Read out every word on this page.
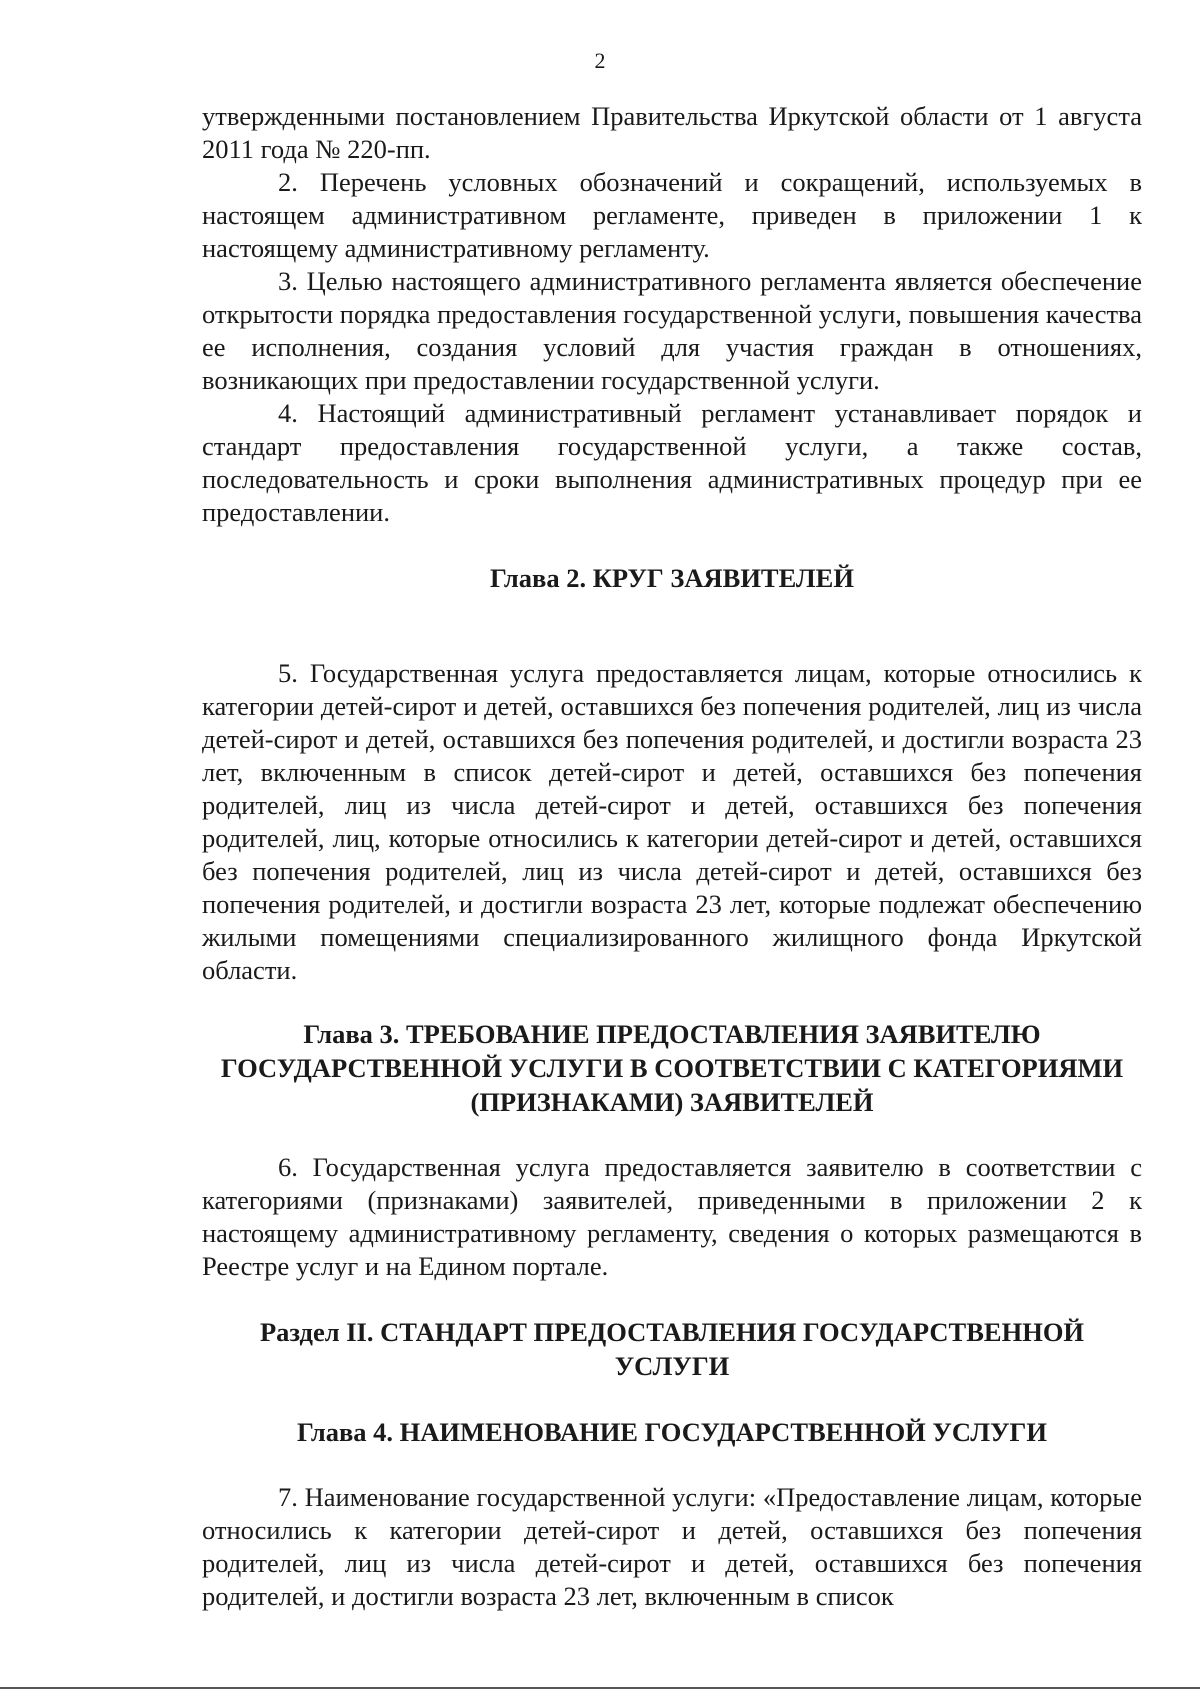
2

утвержденными постановлением Правительства Иркутской области от 1 августа 2011 года № 220-пп.

2. Перечень условных обозначений и сокращений, используемых в настоящем административном регламенте, приведен в приложении 1 к настоящему административному регламенту.

3. Целью настоящего административного регламента является обеспечение открытости порядка предоставления государственной услуги, повышения качества ее исполнения, создания условий для участия граждан в отношениях, возникающих при предоставлении государственной услуги.

4. Настоящий административный регламент устанавливает порядок и стандарт предоставления государственной услуги, а также состав, последовательность и сроки выполнения административных процедур при ее предоставлении.

Глава 2. КРУГ ЗАЯВИТЕЛЕЙ

5. Государственная услуга предоставляется лицам, которые относились к категории детей-сирот и детей, оставшихся без попечения родителей, лиц из числа детей-сирот и детей, оставшихся без попечения родителей, и достигли возраста 23 лет, включенным в список детей-сирот и детей, оставшихся без попечения родителей, лиц из числа детей-сирот и детей, оставшихся без попечения родителей, лиц, которые относились к категории детей-сирот и детей, оставшихся без попечения родителей, лиц из числа детей-сирот и детей, оставшихся без попечения родителей, и достигли возраста 23 лет, которые подлежат обеспечению жилыми помещениями специализированного жилищного фонда Иркутской области.

Глава 3. ТРЕБОВАНИЕ ПРЕДОСТАВЛЕНИЯ ЗАЯВИТЕЛЮ
ГОСУДАРСТВЕННОЙ УСЛУГИ В СООТВЕТСТВИИ С КАТЕГОРИЯМИ
(ПРИЗНАКАМИ) ЗАЯВИТЕЛЕЙ

6. Государственная услуга предоставляется заявителю в соответствии с категориями (признаками) заявителей, приведенными в приложении 2 к настоящему административному регламенту, сведения о которых размещаются в Реестре услуг и на Едином портале.

Раздел II. СТАНДАРТ ПРЕДОСТАВЛЕНИЯ ГОСУДАРСТВЕННОЙ
УСЛУГИ
Глава 4. НАИМЕНОВАНИЕ ГОСУДАРСТВЕННОЙ УСЛУГИ

7. Наименование государственной услуги: «Предоставление лицам, которые относились к категории детей-сирот и детей, оставшихся без попечения родителей, лиц из числа детей-сирот и детей, оставшихся без попечения родителей, и достигли возраста 23 лет, включенным в список
